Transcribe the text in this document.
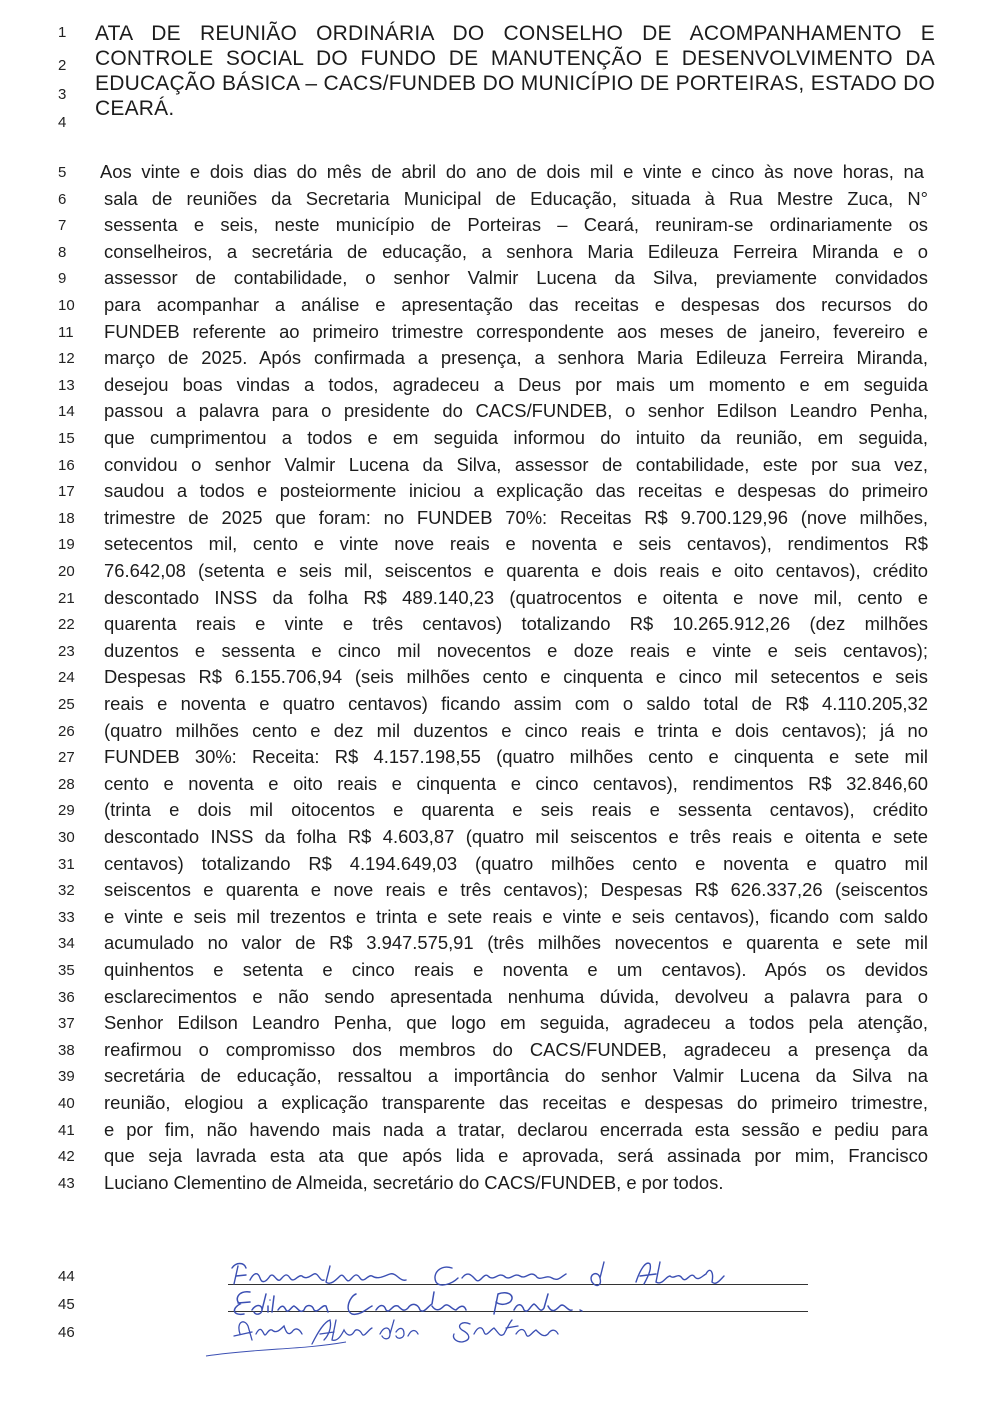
ATA DE REUNIÃO ORDINÁRIA DO CONSELHO DE ACOMPANHAMENTO E
CONTROLE SOCIAL DO FUNDO DE MANUTENÇÃO E DESENVOLVIMENTO DA
EDUCAÇÃO BÁSICA – CACS/FUNDEB DO MUNICÍPIO DE PORTEIRAS, ESTADO DO
CEARÁ.
Aos vinte e dois dias do mês de abril do ano de dois mil e vinte e cinco às nove horas, na
sala de reuniões da Secretaria Municipal de Educação, situada à Rua Mestre Zuca, N°
sessenta e seis, neste município de Porteiras – Ceará, reuniram-se ordinariamente os
conselheiros, a secretária de educação, a senhora Maria Edileuza Ferreira Miranda e o
assessor de contabilidade, o senhor Valmir Lucena da Silva, previamente convidados
para acompanhar a análise e apresentação das receitas e despesas dos recursos do
FUNDEB referente ao primeiro trimestre correspondente aos meses de janeiro, fevereiro e
março de 2025. Após confirmada a presença, a senhora Maria Edileuza Ferreira Miranda,
desejou boas vindas a todos, agradeceu a Deus por mais um momento e em seguida
passou a palavra para o presidente do CACS/FUNDEB, o senhor Edilson Leandro Penha,
que cumprimentou a todos e em seguida informou do intuito da reunião, em seguida,
convidou o senhor Valmir Lucena da Silva, assessor de contabilidade, este por sua vez,
saudou a todos e posteiormente iniciou a explicação das receitas e despesas do primeiro
trimestre de 2025 que foram: no FUNDEB 70%: Receitas R$ 9.700.129,96 (nove milhões,
setecentos mil, cento e vinte nove reais e noventa e seis centavos), rendimentos R$
76.642,08 (setenta e seis mil, seiscentos e quarenta e dois reais e oito centavos), crédito
descontado INSS da folha R$ 489.140,23 (quatrocentos e oitenta e nove mil, cento e
quarenta reais e vinte e três centavos) totalizando R$ 10.265.912,26 (dez milhões
duzentos e sessenta e cinco mil novecentos e doze reais e vinte e seis centavos);
Despesas R$ 6.155.706,94 (seis milhões cento e cinquenta e cinco mil setecentos e seis
reais e noventa e quatro centavos) ficando assim com o saldo total de R$ 4.110.205,32
(quatro milhões cento e dez mil duzentos e cinco reais e trinta e dois centavos); já no
FUNDEB 30%: Receita: R$ 4.157.198,55 (quatro milhões cento e cinquenta e sete mil
cento e noventa e oito reais e cinquenta e cinco centavos), rendimentos R$ 32.846,60
(trinta e dois mil oitocentos e quarenta e seis reais e sessenta centavos), crédito
descontado INSS da folha R$ 4.603,87 (quatro mil seiscentos e três reais e oitenta e sete
centavos) totalizando R$ 4.194.649,03 (quatro milhões cento e noventa e quatro mil
seiscentos e quarenta e nove reais e três centavos); Despesas R$ 626.337,26 (seiscentos
e vinte e seis mil trezentos e trinta e sete reais e vinte e seis centavos), ficando com saldo
acumulado no valor de R$ 3.947.575,91 (três milhões novecentos e quarenta e sete mil
quinhentos e setenta e cinco reais e noventa e um centavos). Após os devidos
esclarecimentos e não sendo apresentada nenhuma dúvida, devolveu a palavra para o
Senhor Edilson Leandro Penha, que logo em seguida, agradeceu a todos pela atenção,
reafirmou o compromisso dos membros do CACS/FUNDEB, agradeceu a presença da
secretária de educação, ressaltou a importância do senhor Valmir Lucena da Silva na
reunião, elogiou a explicação transparente das receitas e despesas do primeiro trimestre,
e por fim, não havendo mais nada a tratar, declarou encerrada esta sessão e pediu para
que seja lavrada esta ata que após lida e aprovada, será assinada por mim, Francisco
Luciano Clementino de Almeida, secretário do CACS/FUNDEB, e por todos.
1
2
3
4
5
6
7
8
9
10
11
12
13
14
15
16
17
18
19
20
21
22
23
24
25
26
27
28
29
30
31
32
33
34
35
36
37
38
39
40
41
42
43
44
45
46
